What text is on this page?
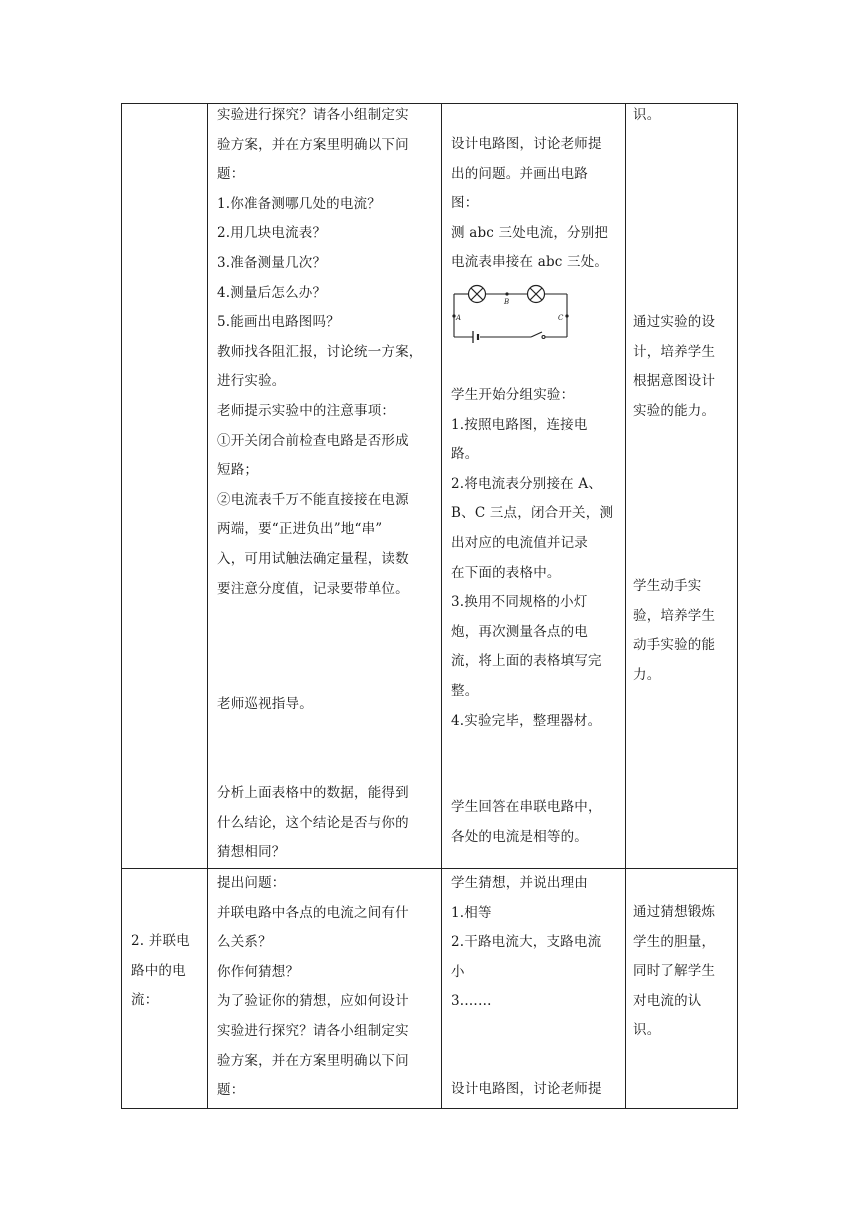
实验进行探究？请各小组制定实

验方案，并在方案里明确以下问

题：

1.你准备测哪几处的电流？

2.用几块电流表？

3.准备测量几次？

4.测量后怎么办？

5.能画出电路图吗？

教师找各阻汇报，讨论统一方案，

进行实验。

老师提示实验中的注意事项：

①开关闭合前检查电路是否形成

短路；

②电流表千万不能直接接在电源

两端，要“正进负出”地“串”

入，可用试触法确定量程，读数

要注意分度值，记录要带单位。

老师巡视指导。

分析上面表格中的数据，能得到

什么结论，这个结论是否与你的

猜想相同？

设计电路图，讨论老师提

出的问题。并画出电路

图：

测 abc 三处电流，分别把

电流表串接在 abc 三处。

A
B
C

学生开始分组实验：

1.按照电路图，连接电

路。

2.将电流表分别接在 A、

B、C 三点，闭合开关，测

出对应的电流值并记录

在下面的表格中。

3.换用不同规格的小灯

炮，再次测量各点的电

流，将上面的表格填写完

整。

4.实验完毕，整理器材。

学生回答在串联电路中，

各处的电流是相等的。

识。

通过实验的设

计，培养学生

根据意图设计

实验的能力。

学生动手实

验，培养学生

动手实验的能

力。

2. 并联电

路中的电

流：

提出问题：

并联电路中各点的电流之间有什

么关系？

你作何猜想？

为了验证你的猜想，应如何设计

实验进行探究？请各小组制定实

验方案，并在方案里明确以下问

题：

学生猜想，并说出理由

1.相等

2.干路电流大，支路电流

小

3.……

设计电路图，讨论老师提

通过猜想锻炼

学生的胆量，

同时了解学生

对电流的认

识。
